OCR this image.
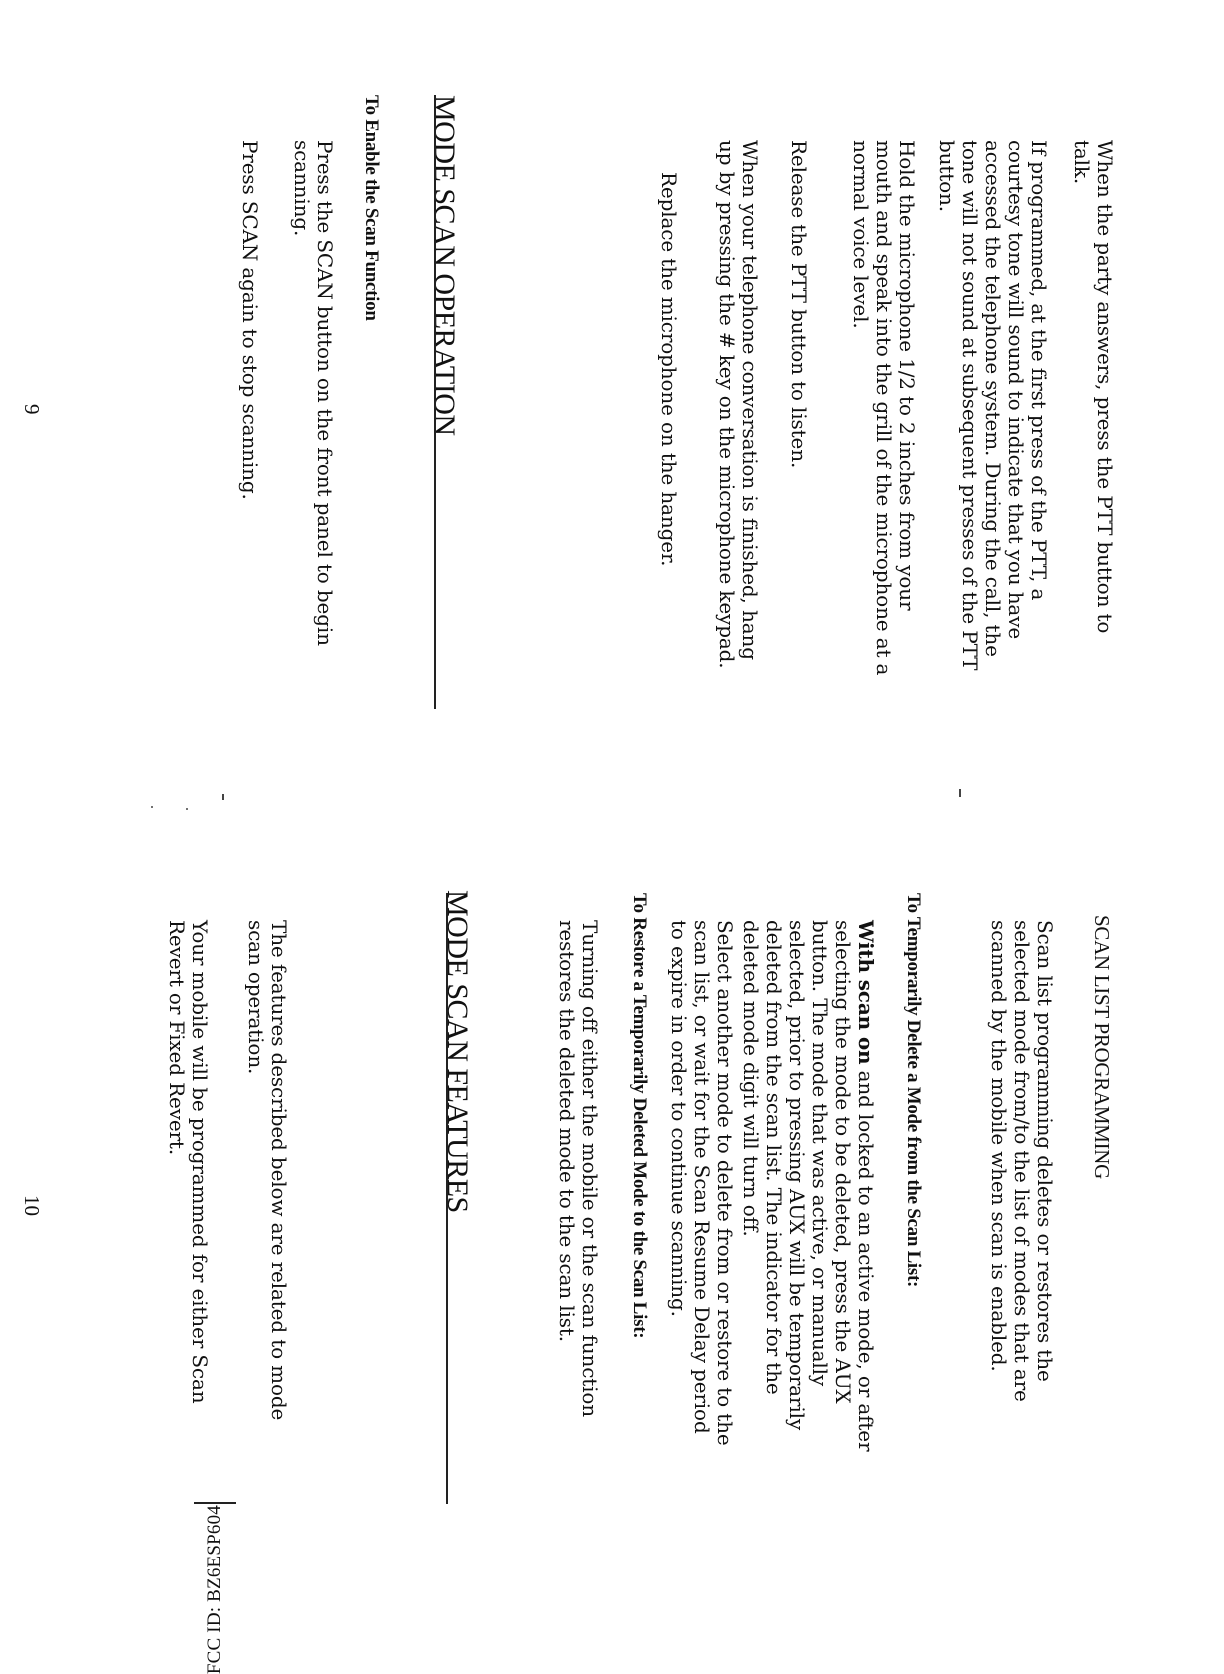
When the party answers, press the PTT button to talk.

If programmed, at the first press of the PTT, a courtesy tone will sound to indicate that you have accessed the telephone system. During the call, the tone will not sound at subsequent presses of the PTT button.

Hold the microphone 1/2 to 2 inches from your mouth and speak into the grill of the microphone at a normal voice level.

Release the PTT button to listen.

When your telephone conversation is finished, hang up by pressing the # key on the microphone keypad.

Replace the microphone on the hanger.

MODE SCAN OPERATION
To Enable the Scan Function

Press the SCAN button on the front panel to begin scanning.

Press SCAN again to stop scanning.

9
SCAN LIST PROGRAMMING

Scan list programming deletes or restores the selected mode from/to the list of modes that are scanned by the mobile when scan is enabled.

To Temporarily Delete a Mode from the Scan List:

With scan on and locked to an active mode, or after selecting the mode to be deleted, press the AUX button. The mode that was active, or manually selected, prior to pressing AUX will be temporarily deleted from the scan list. The indicator for the deleted mode digit will turn off.

Select another mode to delete from or restore to the scan list, or wait for the Scan Resume Delay period to expire in order to continue scanning.

To Restore a Temporarily Deleted Mode to the Scan List:

Turning off either the mobile or the scan function restores the deleted mode to the scan list.

MODE SCAN FEATURES

The features described below are related to mode scan operation.

Your mobile will be programmed for either Scan Revert or Fixed Revert.

10
FCC ID: BZ6ESP604
